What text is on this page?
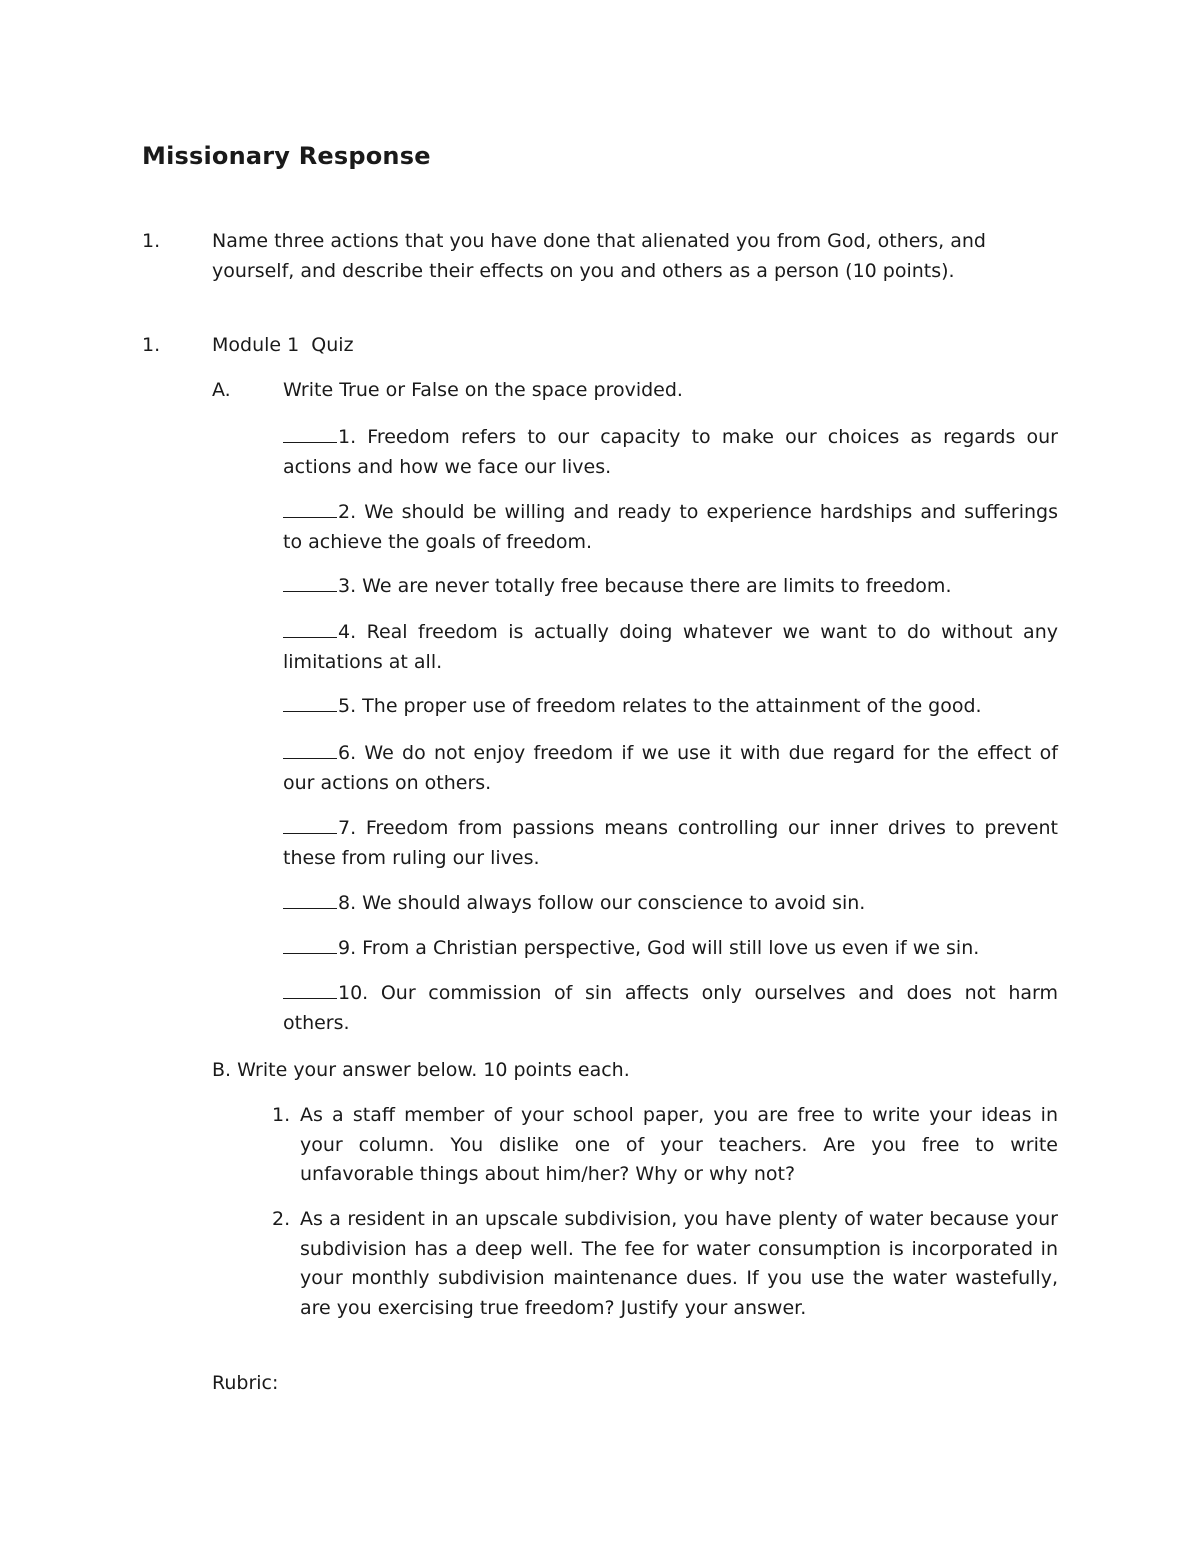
Missionary Response
1.	Name three actions that you have done that alienated you from God, others, and yourself, and describe their effects on you and others as a person (10 points).
1.	Module 1  Quiz
A.	Write True or False on the space provided.
1. Freedom refers to our capacity to make our choices as regards our actions and how we face our lives.
2. We should be willing and ready to experience hardships and sufferings to achieve the goals of freedom.
3. We are never totally free because there are limits to freedom.
4. Real freedom is actually doing whatever we want to do without any limitations at all.
5. The proper use of freedom relates to the attainment of the good.
6. We do not enjoy freedom if we use it with due regard for the effect of our actions on others.
7. Freedom from passions means controlling our inner drives to prevent these from ruling our lives.
8. We should always follow our conscience to avoid sin.
9. From a Christian perspective, God will still love us even if we sin.
10. Our commission of sin affects only ourselves and does not harm others.
B. Write your answer below. 10 points each.
1. As a staff member of your school paper, you are free to write your ideas in your column. You dislike one of your teachers. Are you free to write unfavorable things about him/her? Why or why not?
2. As a resident in an upscale subdivision, you have plenty of water because your subdivision has a deep well. The fee for water consumption is incorporated in your monthly subdivision maintenance dues. If you use the water wastefully, are you exercising true freedom? Justify your answer.
Rubric:
